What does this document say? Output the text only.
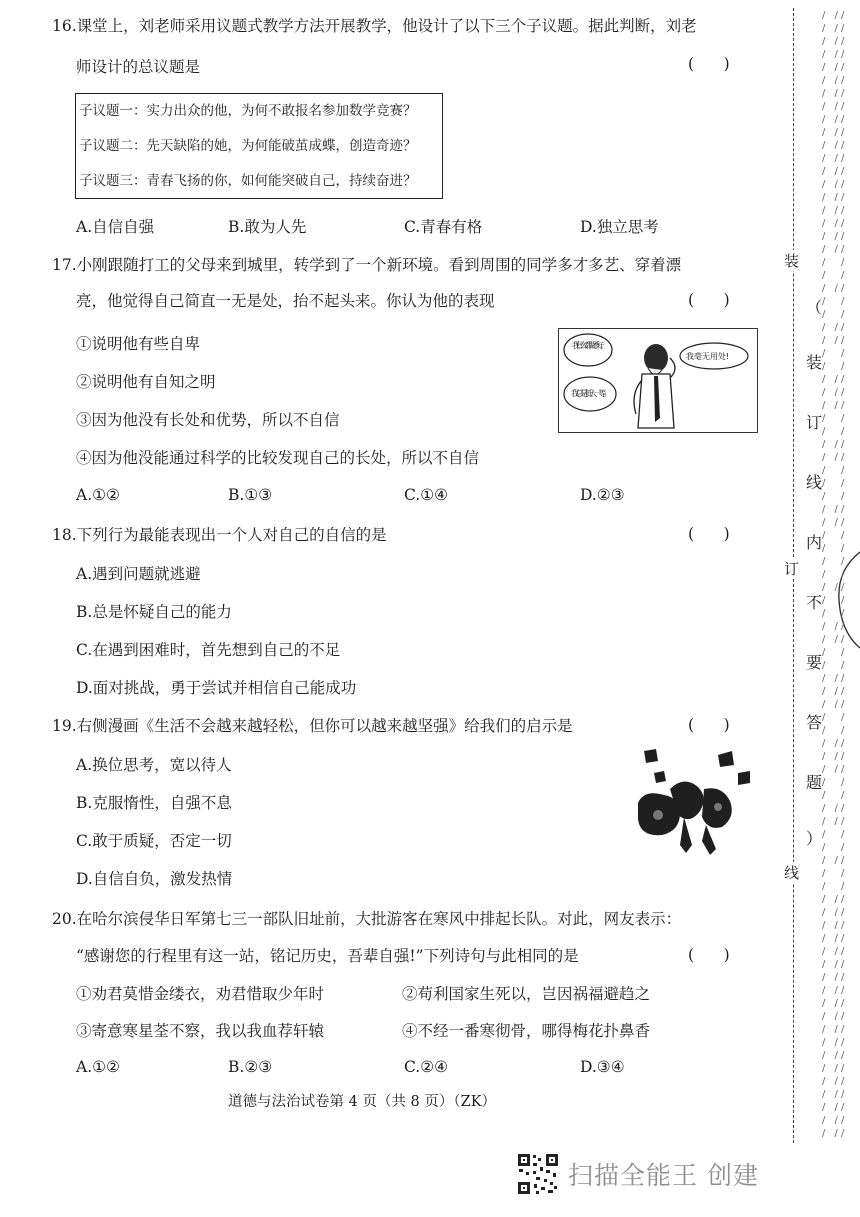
16.课堂上，刘老师采用议题式教学方法开展教学，他设计了以下三个子议题。据此判断，刘老
师设计的总议题是	(      )
子议题一：实力出众的他，为何不敢报名参加数学竞赛？
子议题二：先天缺陷的她，为何能破茧成蝶，创造奇迹？
子议题三：青春飞扬的你，如何能突破自己，持续奋进？
A.自信自强	B.敢为人先	C.青春有格	D.独立思考
17.小刚跟随打工的父母来到城里，转学到了一个新环境。看到周围的同学多才多艺、穿着漂
亮，他觉得自己简直一无是处，抬不起头来。你认为他的表现	(      )
①说明他有些自卑
②说明他有自知之明
③因为他没有长处和优势，所以不自信
④因为他没能通过科学的比较发现自己的长处，所以不自信
A.①②	B.①③	C.①④	D.②③
我什么都做不好。
我毫无用处!
我总是低人一等。
18.下列行为最能表现出一个人对自己的自信的是	(      )
A.遇到问题就逃避
B.总是怀疑自己的能力
C.在遇到困难时，首先想到自己的不足
D.面对挑战，勇于尝试并相信自己能成功
19.右侧漫画《生活不会越来越轻松，但你可以越来越坚强》给我们的启示是	(      )
A.换位思考，宽以待人
B.克服惰性，自强不息
C.敢于质疑，否定一切
D.自信自负，激发热情
20.在哈尔滨侵华日军第七三一部队旧址前，大批游客在寒风中排起长队。对此，网友表示：
“感谢您的行程里有这一站，铭记历史，吾辈自强!”下列诗句与此相同的是	(      )
①劝君莫惜金缕衣，劝君惜取少年时	②苟利国家生死以，岂因祸福避趋之
③寄意寒星荃不察，我以我血荐轩辕	④不经一番寒彻骨，哪得梅花扑鼻香
A.①②	B.②③	C.②④	D.③④
道德与法治试卷第 4 页（共 8 页）（ZK）
装
订
线
（
装
订
线
内
不
要
答
题
）
/ / /
/ / /
/ / /
/ / /
/ / /
/ / /
/ / /
/ / /
/ / /
/ / /
/ / /
/ / /
/ / /
/ / /
/ / /
/ / /
/ / /
/ / /
/ / /
/ /
/ /
/ / /
/ /
/ /
/ / /
/ / /
/ /
/ /
/ / /
/ / /
/ / /
/ /
/ /
/ / /
/ / /
/ /
/ /
/ /
/ / /
/ / /
/ /
/ /
/ /
/ /
/ / /
/ /
/ /
/ / /
/ / /
/ /
/ /
/ / /
/ / /
/ / /
/ /
/ /
/ / /
/ / /
/ / /
/ /
/ /
/ / /
/ / /
/ /
/ /
/ / /
/ /
/ /
/ / /
/ / /
/ / /
/ / /
/ / /
/ / /
/ / /
/ / /
/ / /
/ / /
/ / /
/ / /
/ / /
/ / /
/ / /
/ / /
/ / /
/ / /
/ / /
扫描全能王 创建
